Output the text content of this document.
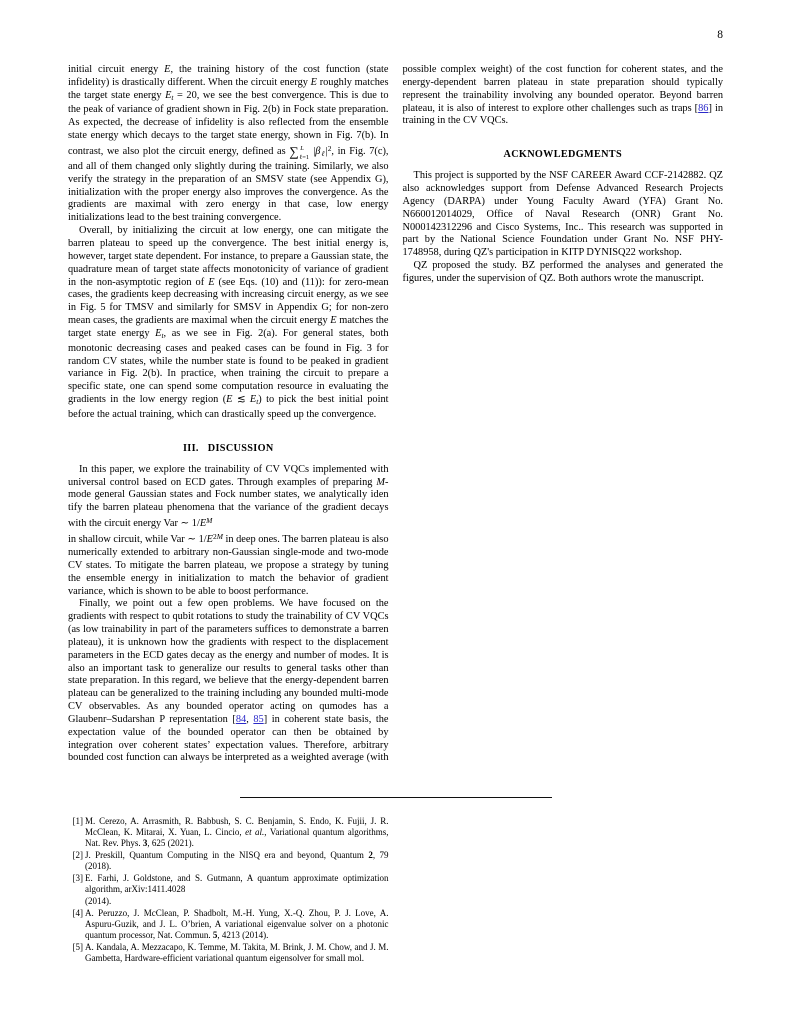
8

initial circuit energy E, the training history of the cost function (state infidelity) is drastically different. When the circuit energy E roughly matches the target state energy $E_t = 20$, we see the best convergence. This is due to the peak of variance of gradient shown in Fig. 2(b) in Fock state preparation. As expected, the decrease of infidelity is also reflected from the ensemble state energy which decays to the target state energy, shown in Fig. 7(b). In contrast, we also plot the circuit energy, de​fined as ∑ L
ℓ=1
$|\beta_\ell|^2$, in Fig. 7(c), and all of them changed only slightly during the training. Similarly, we also ver​ify the strategy in the preparation of an SMSV state (see Appendix G), initialization with the proper energy also improves the convergence. As the gradients are maximal with zero energy in that case, low energy initializations lead to the best training convergence.

Overall, by initializing the circuit at low energy, one can mitigate the barren plateau to speed up the conver​gence. The best initial energy is, however, target state dependent. For instance, to prepare a Gaussian state, the quadrature mean of target state affects monotonic​ity of variance of gradient in the non-asymptotic region of E (see Eqs. (10) and (11)): for zero-mean cases, the gradients keep decreasing with increasing circuit energy, as we see in Fig. 5 for TMSV and similarly for SMSV in Appendix G; for non-zero mean cases, the gradients are maximal when the circuit energy E matches the tar​get state energy $E_t$, as we see in Fig. 2(a). For general states, both monotonic decreasing cases and peaked cases can be found in Fig. 3 for random CV states, while the number state is found to be peaked in gradient variance in Fig. 2(b). In practice, when training the circuit to prepare a specific state, one can spend some computa​tion resource in evaluating the gradients in the low en​ergy region (E ≲ $E_t$) to pick the best initial point before the actual training, which can drastically speed up the convergence.

III. DISCUSSION

In this paper, we explore the trainability of CV VQCs implemented with universal control based on ECD gates. Through examples of preparing M-mode general Gaus​sian states and Fock number states, we analytically iden​tify the barren plateau phenomena that the variance of the gradient decays with the circuit energy Var ∼ $1/E^M$

in shallow circuit, while Var ∼ $1/E^{2M}$ in deep ones. The barren plateau is also numerically extended to arbitrary non-Gaussian single-mode and two-mode CV states. To mitigate the barren plateau, we propose a strategy by tuning the ensemble energy in initialization to match the behavior of gradient variance, which is shown to be able to boost performance.

Finally, we point out a few open problems. We have focused on the gradients with respect to qubit rotations to study the trainability of CV VQCs (as low trainability in part of the parameters suffices to demonstrate a bar​ren plateau), it is unknown how the gradients with re​spect to the displacement parameters in the ECD gates decay as the energy and number of modes. It is also an important task to generalize our results to general tasks other than state preparation. In this regard, we believe that the energy-dependent barren plateau can be generalized to the training including any bounded multi-mode CV observables. As any bounded operator acting on qumodes has a Glaubenr–Sudarshan P repre​sentation [84, 85] in coherent state basis, the expecta​tion value of the bounded operator can then be obtained by integration over coherent states’ expectation values. Therefore, arbitrary bounded cost function can always be interpreted as a weighted average (with possible com​plex weight) of the cost function for coherent states, and the energy-dependent barren plateau in state preparation should typically represent the trainability involving any bounded operator. Beyond barren plateau, it is also of interest to explore other challenges such as traps [86] in training in the CV VQCs.

ACKNOWLEDGMENTS

This project is supported by the NSF CAREER Award CCF-2142882. QZ also acknowledges support from Defense Advanced Research Projects Agency (DARPA) under Young Faculty Award (YFA) Grant No. N660012014029, Office of Naval Research (ONR) Grant No. N000142312296 and Cisco Systems, Inc.. This research was supported in part by the National Science Foundation under Grant No. NSF PHY-1748958, during QZ's participation in KITP DYNISQ22 workshop.

QZ proposed the study. BZ performed the analyses and generated the figures, under the supervision of QZ. Both authors wrote the manuscript.

[1] M. Cerezo, A. Arrasmith, R. Babbush, S. C. Benjamin, S. Endo, K. Fujii, J. R. McClean, K. Mitarai, X. Yuan, L. Cincio, et al., Variational quantum algorithms, Nat. Rev. Phys. 3, 625 (2021).
[2] J. Preskill, Quantum Computing in the NISQ era and beyond, Quantum 2, 79 (2018).
[3] E. Farhi, J. Goldstone, and S. Gutmann, A quantum approximate optimization algorithm, arXiv:1411.4028
(2014).
[4] A. Peruzzo, J. McClean, P. Shadbolt, M.-H. Yung, X.-Q. Zhou, P. J. Love, A. Aspuru-Guzik, and J. L. O’brien, A variational eigenvalue solver on a photonic quantum processor, Nat. Commun. 5, 4213 (2014).
[5] A. Kandala, A. Mezzacapo, K. Temme, M. Takita, M. Brink, J. M. Chow, and J. M. Gambetta, Hardware-efficient variational quantum eigensolver for small mol.
